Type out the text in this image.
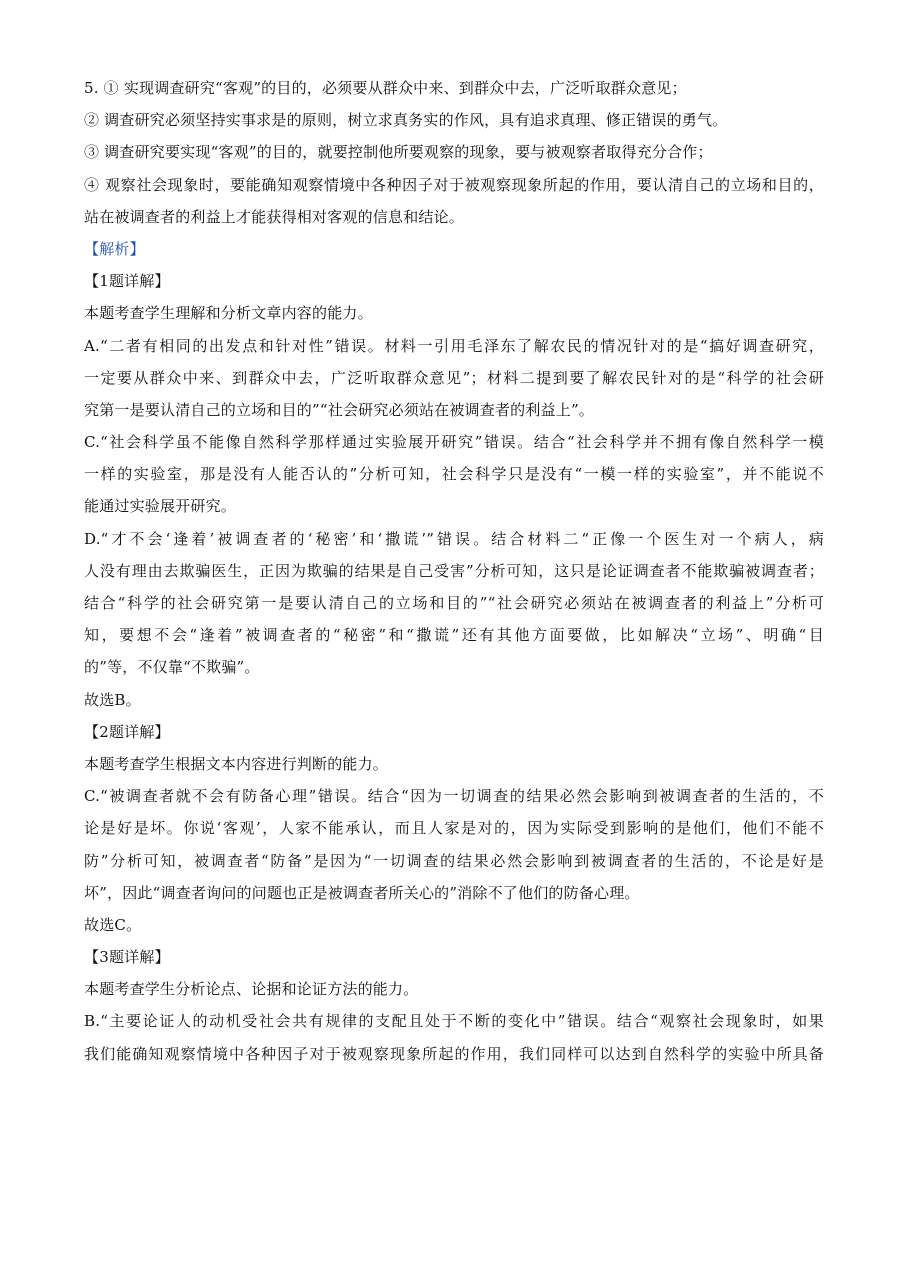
5. ① 实现调查研究“客观”的目的，必须要从群众中来、到群众中去，广泛听取群众意见；
② 调查研究必须坚持实事求是的原则，树立求真务实的作风，具有追求真理、修正错误的勇气。
③ 调查研究要实现“客观”的目的，就要控制他所要观察的现象，要与被观察者取得充分合作；
④ 观察社会现象时，要能确知观察情境中各种因子对于被观察现象所起的作用，要认清自己的立场和目的，
站在被调查者的利益上才能获得相对客观的信息和结论。
【解析】
【1题详解】
本题考查学生理解和分析文章内容的能力。
A.“二者有相同的出发点和针对性”错误。材料一引用毛泽东了解农民的情况针对的是“搞好调查研究，
一定要从群众中来、到群众中去，广泛听取群众意见”；材料二提到要了解农民针对的是“科学的社会研
究第一是要认清自己的立场和目的”“社会研究必须站在被调查者的利益上”。
C.“社会科学虽不能像自然科学那样通过实验展开研究”错误。结合“社会科学并不拥有像自然科学一模
一样的实验室，那是没有人能否认的”分析可知，社会科学只是没有“一模一样的实验室”，并不能说不
能通过实验展开研究。
D.“才不会‘逢着’被调查者的‘秘密’和‘撒谎’”错误。结合材料二“正像一个医生对一个病人，病
人没有理由去欺骗医生，正因为欺骗的结果是自己受害”分析可知，这只是论证调查者不能欺骗被调查者；
结合“科学的社会研究第一是要认清自己的立场和目的”“社会研究必须站在被调查者的利益上”分析可
知，要想不会“逢着”被调查者的“秘密”和“撒谎”还有其他方面要做，比如解决“立场”、明确“目
的”等，不仅靠“不欺骗”。
故选B。
【2题详解】
本题考查学生根据文本内容进行判断的能力。
C.“被调查者就不会有防备心理”错误。结合“因为一切调查的结果必然会影响到被调查者的生活的，不
论是好是坏。你说‘客观’，人家不能承认，而且人家是对的，因为实际受到影响的是他们，他们不能不
防”分析可知，被调查者“防备”是因为“一切调查的结果必然会影响到被调查者的生活的，不论是好是
坏”，因此“调查者询问的问题也正是被调查者所关心的”消除不了他们的防备心理。
故选C。
【3题详解】
本题考查学生分析论点、论据和论证方法的能力。
B.“主要论证人的动机受社会共有规律的支配且处于不断的变化中”错误。结合“观察社会现象时，如果
我们能确知观察情境中各种因子对于被观察现象所起的作用，我们同样可以达到自然科学的实验中所具备
